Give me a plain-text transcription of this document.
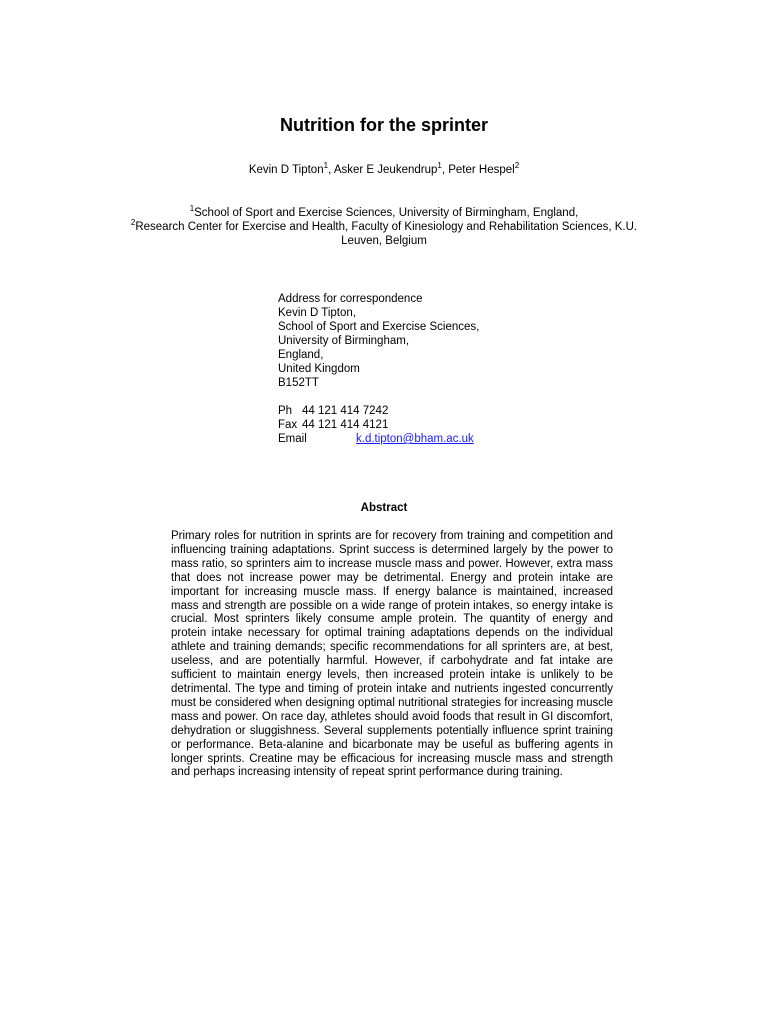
Nutrition for the sprinter
Kevin D Tipton$^1$, Asker E Jeukendrup$^1$, Peter Hespel$^2$
$^1$School of Sport and Exercise Sciences, University of Birmingham, England,
$^2$Research Center for Exercise and Health, Faculty of Kinesiology and Rehabilitation Sciences, K.U. Leuven, Belgium
Address for correspondence
Kevin D Tipton,
School of Sport and Exercise Sciences,
University of Birmingham,
England,
United Kingdom
B152TT
Ph 44 121 414 7242
Fax 44 121 414 4121
Email	k.d.tipton@bham.ac.uk
Abstract
Primary roles for nutrition in sprints are for recovery from training and competition and influencing training adaptations. Sprint success is determined largely by the power to mass ratio, so sprinters aim to increase muscle mass and power. However, extra mass that does not increase power may be detrimental. Energy and protein intake are important for increasing muscle mass. If energy balance is maintained, increased mass and strength are possible on a wide range of protein intakes, so energy intake is crucial. Most sprinters likely consume ample protein. The quantity of energy and protein intake necessary for optimal training adaptations depends on the individual athlete and training demands; specific recommendations for all sprinters are, at best, useless, and are potentially harmful. However, if carbohydrate and fat intake are sufficient to maintain energy levels, then increased protein intake is unlikely to be detrimental. The type and timing of protein intake and nutrients ingested concurrently must be considered when designing optimal nutritional strategies for increasing muscle mass and power. On race day, athletes should avoid foods that result in GI discomfort, dehydration or sluggishness. Several supplements potentially influence sprint training or performance. Beta-alanine and bicarbonate may be useful as buffering agents in longer sprints. Creatine may be efficacious for increasing muscle mass and strength and perhaps increasing intensity of repeat sprint performance during training.
